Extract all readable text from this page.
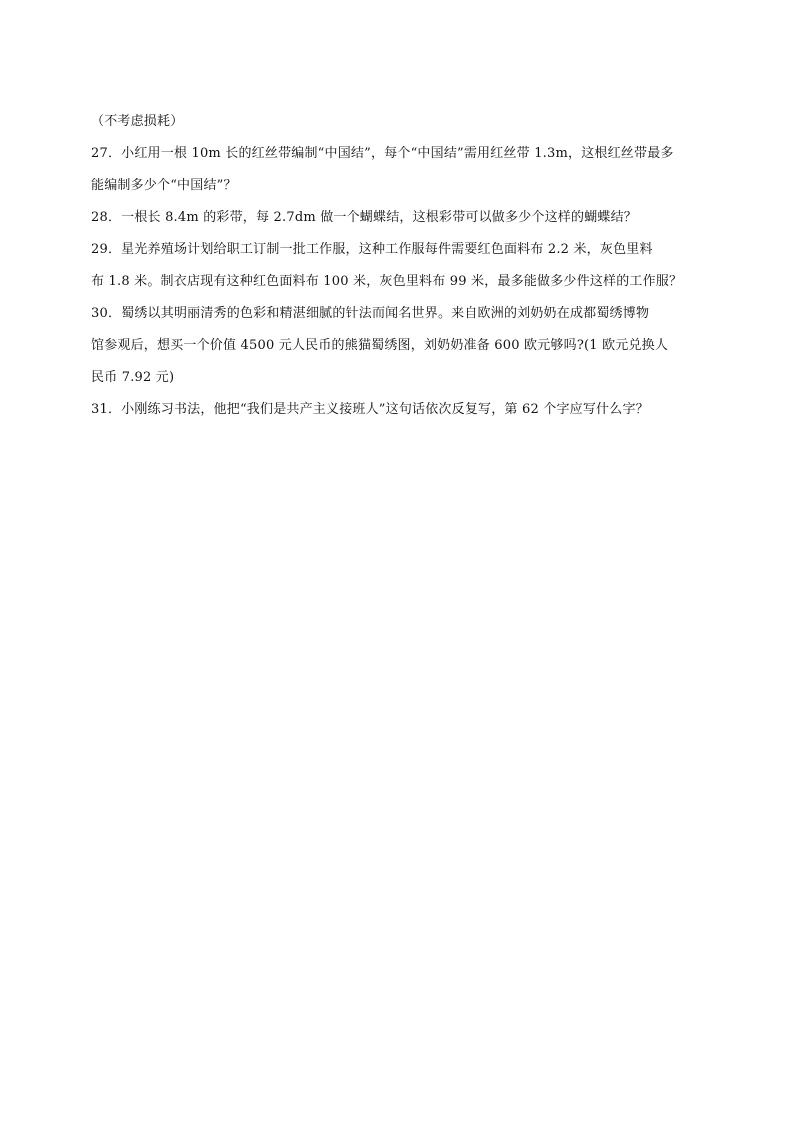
（不考虑损耗）
27．小红用一根 10m 长的红丝带编制“中国结”，每个“中国结”需用红丝带 1.3m，这根红丝带最多
能编制多少个“中国结”？
28．一根长 8.4m 的彩带，每 2.7dm 做一个蝴蝶结，这根彩带可以做多少个这样的蝴蝶结？
29．星光养殖场计划给职工订制一批工作服，这种工作服每件需要红色面料布 2.2 米，灰色里料
布 1.8 米。制衣店现有这种红色面料布 100 米，灰色里料布 99 米，最多能做多少件这样的工作服？
30．蜀绣以其明丽清秀的色彩和精湛细腻的针法而闻名世界。来自欧洲的刘奶奶在成都蜀绣博物
馆参观后，想买一个价值 4500 元人民币的熊猫蜀绣图，刘奶奶准备 600 欧元够吗?(1 欧元兑换人
民币 7.92 元)
31．小刚练习书法，他把“我们是共产主义接班人”这句话依次反复写，第 62 个字应写什么字？
